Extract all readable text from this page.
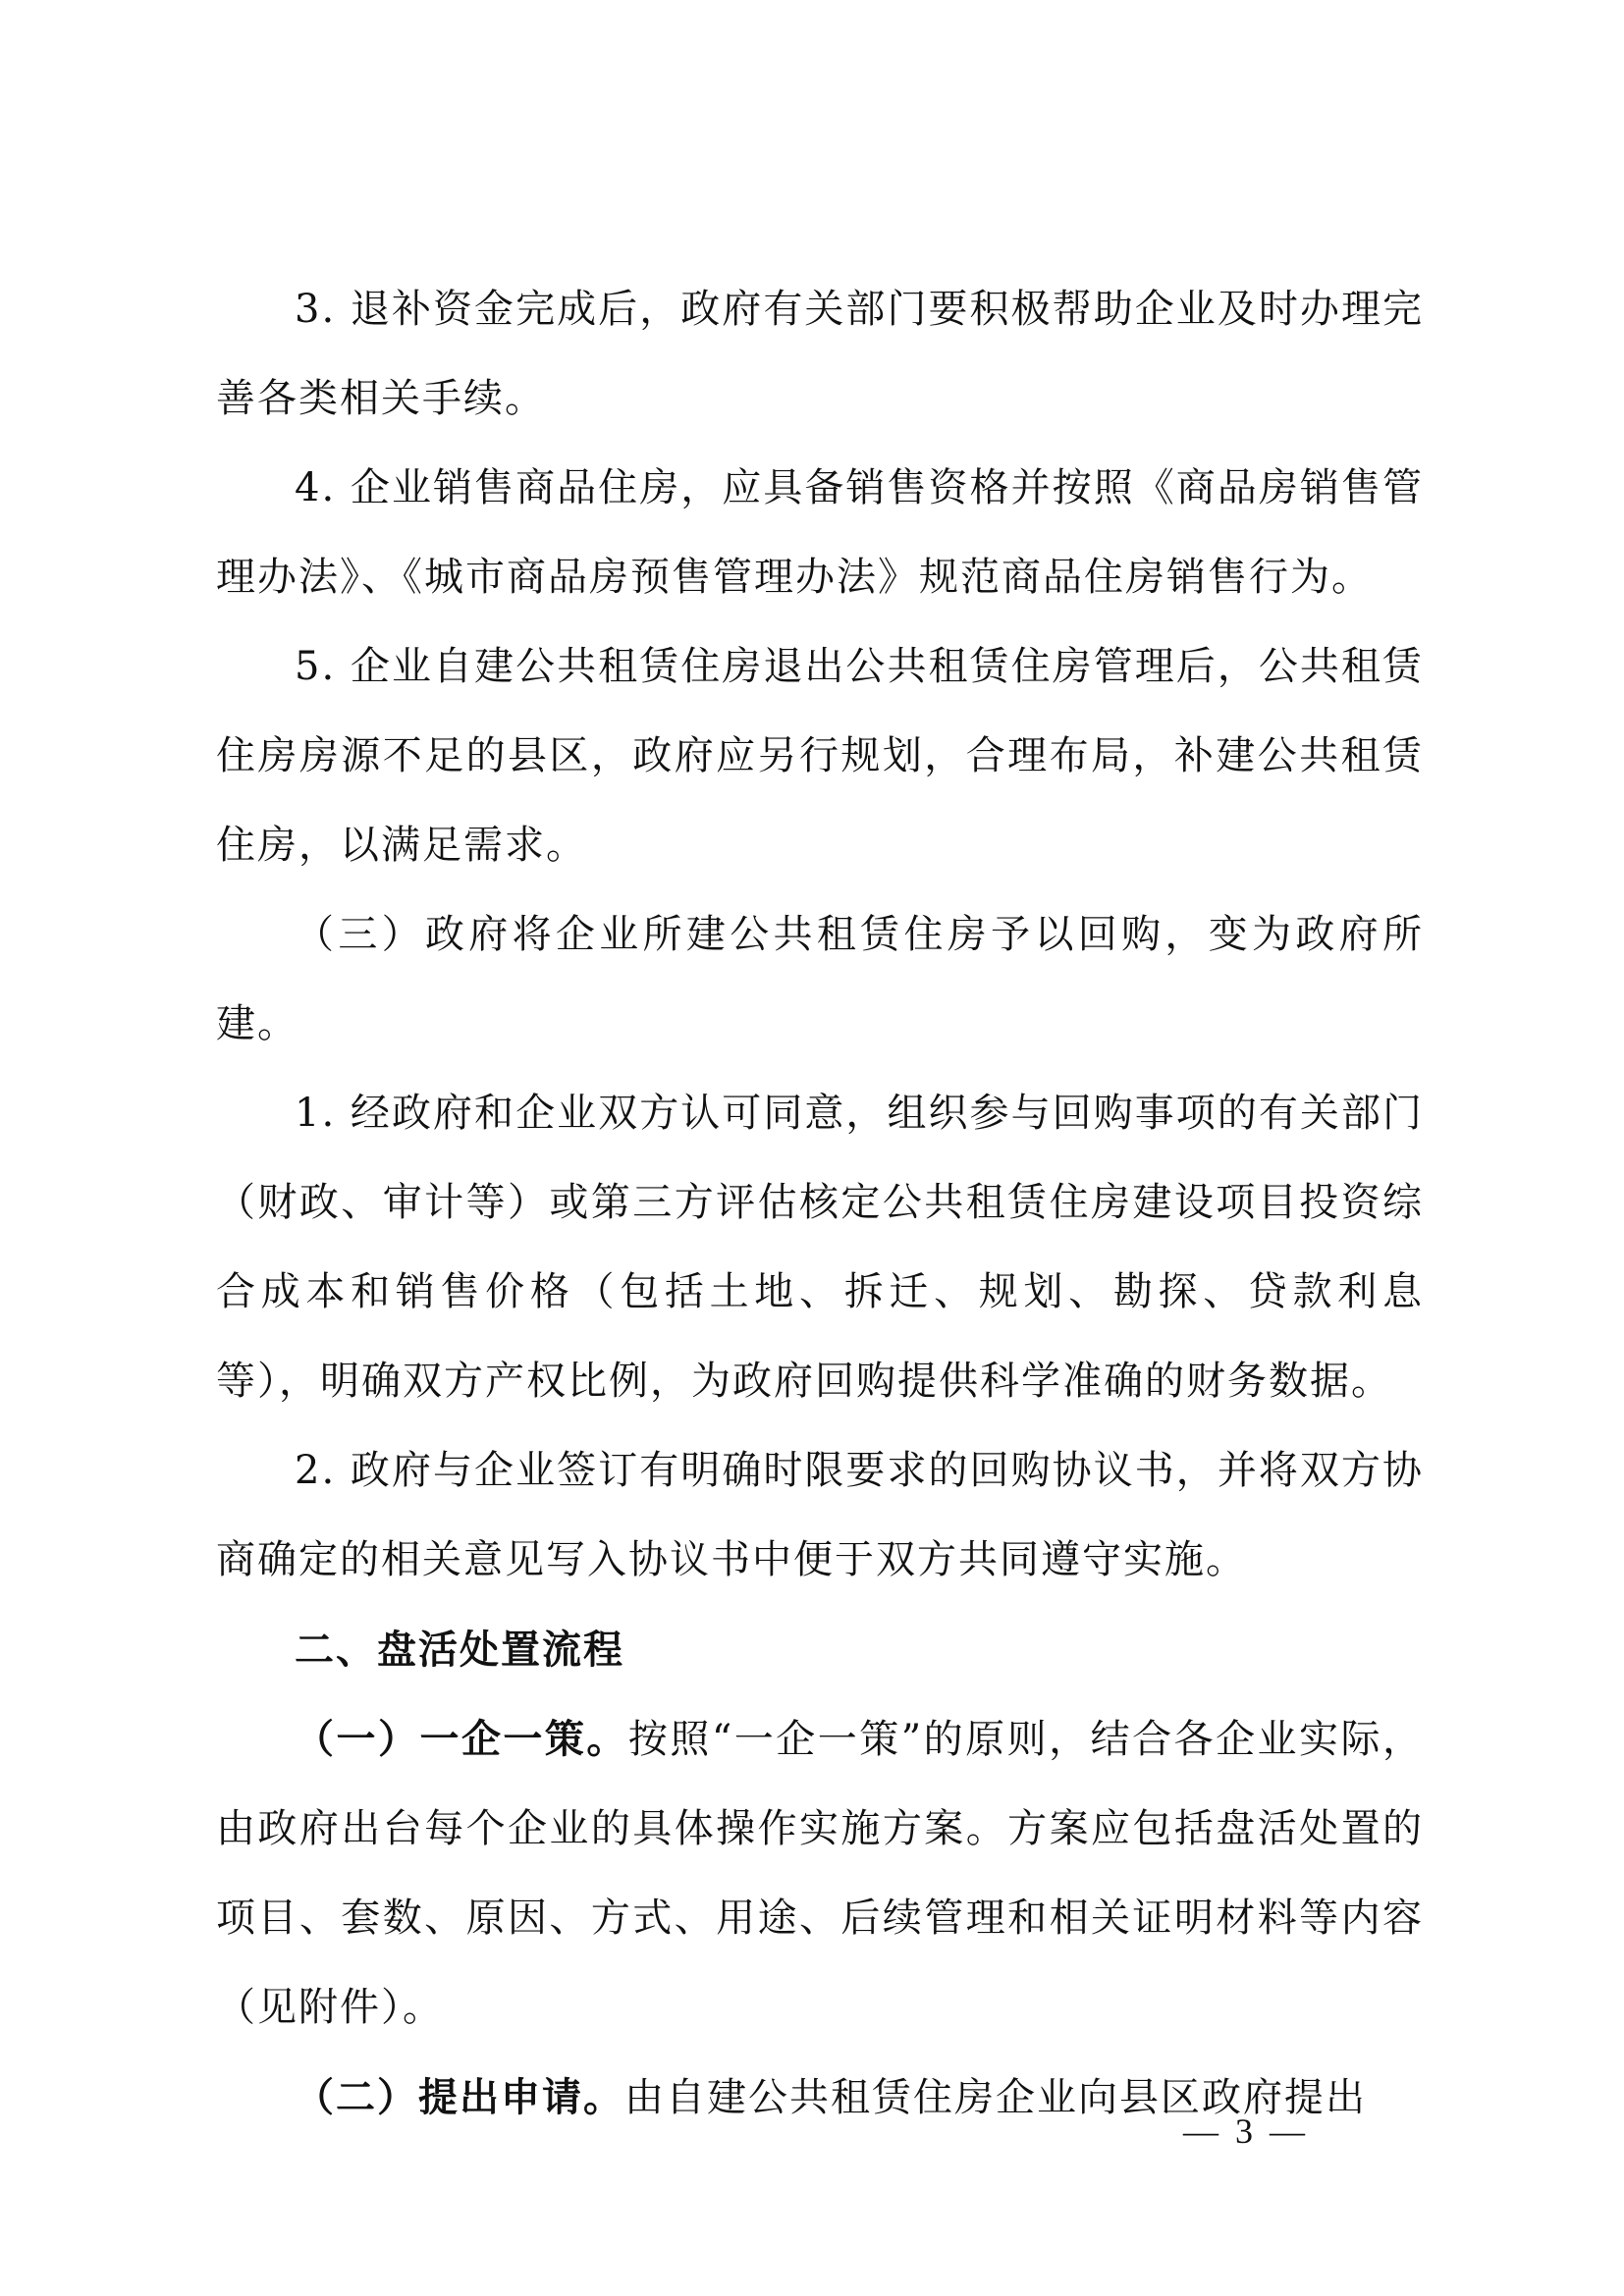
3. 退补资金完成后，政府有关部门要积极帮助企业及时办理完善各类相关手续。

4. 企业销售商品住房，应具备销售资格并按照《商品房销售管理办法》、《城市商品房预售管理办法》规范商品住房销售行为。

5. 企业自建公共租赁住房退出公共租赁住房管理后，公共租赁住房房源不足的县区，政府应另行规划，合理布局，补建公共租赁住房，以满足需求。

（三）政府将企业所建公共租赁住房予以回购，变为政府所建。

1. 经政府和企业双方认可同意，组织参与回购事项的有关部门（财政、审计等）或第三方评估核定公共租赁住房建设项目投资综合成本和销售价格（包括土地、拆迁、规划、勘探、贷款利息等），明确双方产权比例，为政府回购提供科学准确的财务数据。

2. 政府与企业签订有明确时限要求的回购协议书，并将双方协商确定的相关意见写入协议书中便于双方共同遵守实施。

二、盘活处置流程

（一）一企一策。按照“一企一策”的原则，结合各企业实际，由政府出台每个企业的具体操作实施方案。方案应包括盘活处置的项目、套数、原因、方式、用途、后续管理和相关证明材料等内容（见附件）。

（二）提出申请。由自建公共租赁住房企业向县区政府提出

— 3 —
